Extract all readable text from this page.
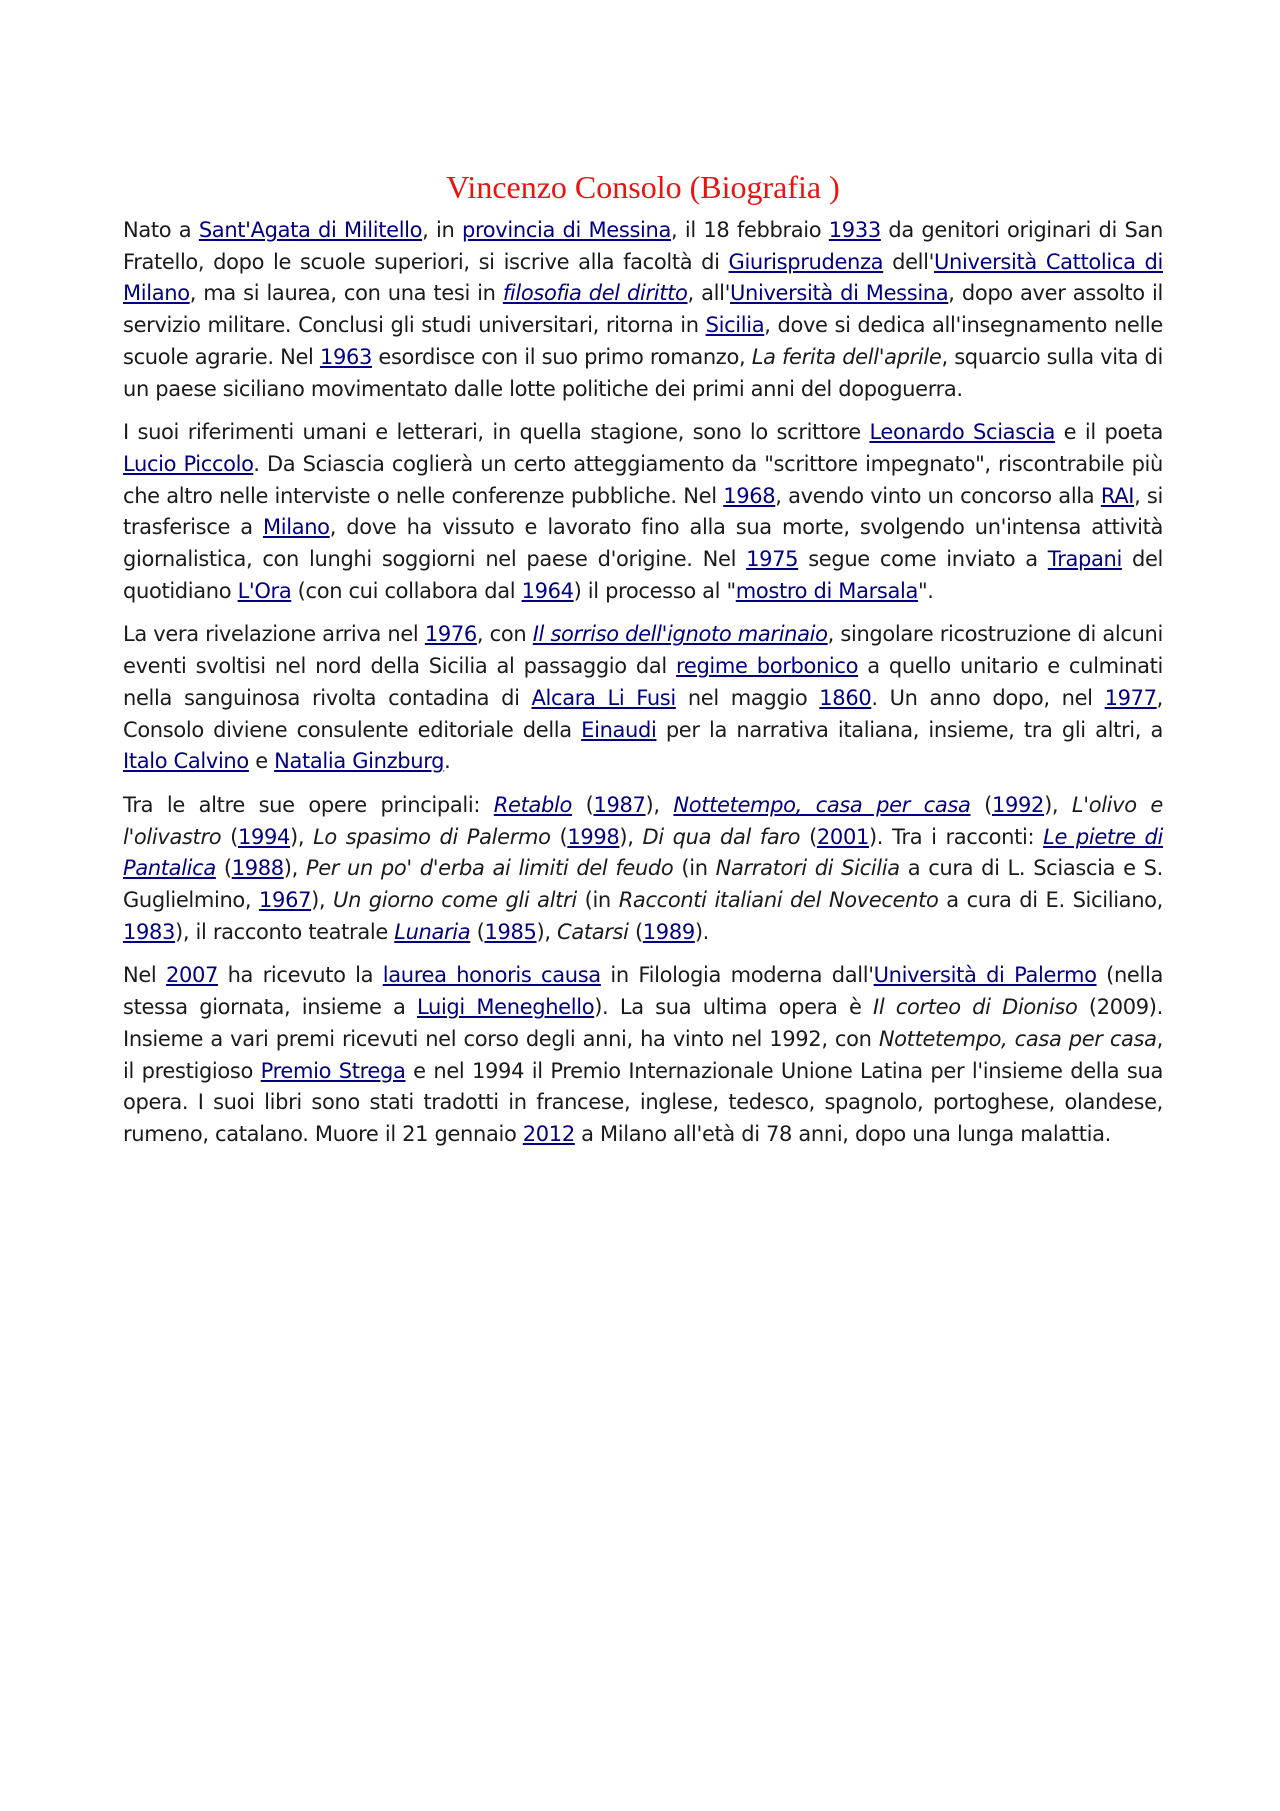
Vincenzo Consolo (Biografia )

Nato a Sant'Agata di Militello, in provincia di Messina, il 18 febbraio 1933 da genitori originari di San Fratello, dopo le scuole superiori, si iscrive alla facoltà di Giurisprudenza dell'Università Cattolica di Milano, ma si laurea, con una tesi in filosofia del diritto, all'Università di Messina, dopo aver assolto il servizio militare. Conclusi gli studi universitari, ritorna in Sicilia, dove si dedica all'insegnamento nelle scuole agrarie. Nel 1963 esordisce con il suo primo romanzo, La ferita dell'aprile, squarcio sulla vita di un paese siciliano movimentato dalle lotte politiche dei primi anni del dopoguerra.

I suoi riferimenti umani e letterari, in quella stagione, sono lo scrittore Leonardo Sciascia e il poeta Lucio Piccolo. Da Sciascia coglierà un certo atteggiamento da "scrittore impegnato", riscontrabile più che altro nelle interviste o nelle conferenze pubbliche. Nel 1968, avendo vinto un concorso alla RAI, si trasferisce a Milano, dove ha vissuto e lavorato fino alla sua morte, svolgendo un'intensa attività giornalistica, con lunghi soggiorni nel paese d'origine. Nel 1975 segue come inviato a Trapani del quotidiano L'Ora (con cui collabora dal 1964) il processo al "mostro di Marsala".

La vera rivelazione arriva nel 1976, con Il sorriso dell'ignoto marinaio, singolare ricostruzione di alcuni eventi svoltisi nel nord della Sicilia al passaggio dal regime borbonico a quello unitario e culminati nella sanguinosa rivolta contadina di Alcara Li Fusi nel maggio 1860. Un anno dopo, nel 1977, Consolo diviene consulente editoriale della Einaudi per la narrativa italiana, insieme, tra gli altri, a Italo Calvino e Natalia Ginzburg.

Tra le altre sue opere principali: Retablo (1987), Nottetempo, casa per casa (1992), L'olivo e l'olivastro (1994), Lo spasimo di Palermo (1998), Di qua dal faro (2001). Tra i racconti: Le pietre di Pantalica (1988), Per un po' d'erba ai limiti del feudo (in Narratori di Sicilia a cura di L. Sciascia e S. Guglielmino, 1967), Un giorno come gli altri (in Racconti italiani del Novecento a cura di E. Siciliano, 1983), il racconto teatrale Lunaria (1985), Catarsi (1989).

Nel 2007 ha ricevuto la laurea honoris causa in Filologia moderna dall'Università di Palermo (nella stessa giornata, insieme a Luigi Meneghello). La sua ultima opera è Il corteo di Dioniso (2009). Insieme a vari premi ricevuti nel corso degli anni, ha vinto nel 1992, con Nottetempo, casa per casa, il prestigioso Premio Strega e nel 1994 il Premio Internazionale Unione Latina per l'insieme della sua opera. I suoi libri sono stati tradotti in francese, inglese, tedesco, spagnolo, portoghese, olandese, rumeno, catalano. Muore il 21 gennaio 2012 a Milano all'età di 78 anni, dopo una lunga malattia.
